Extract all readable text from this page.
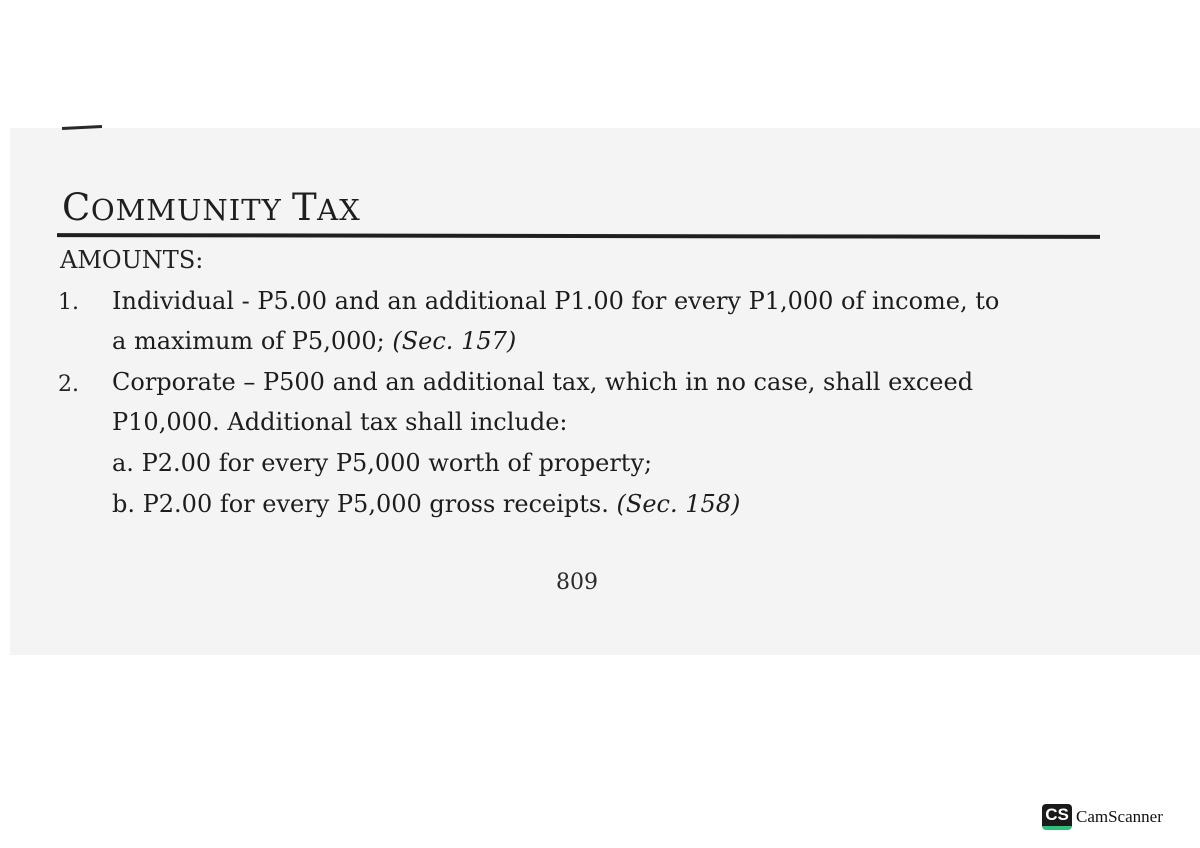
COMMUNITY TAX
AMOUNTS:
1. Individual - P5.00 and an additional P1.00 for every P1,000 of income, to
a maximum of P5,000; (Sec. 157)
2. Corporate – P500 and an additional tax, which in no case, shall exceed
P10,000. Additional tax shall include:
a. P2.00 for every P5,000 worth of property;
b. P2.00 for every P5,000 gross receipts. (Sec. 158)
809
CS CamScanner
